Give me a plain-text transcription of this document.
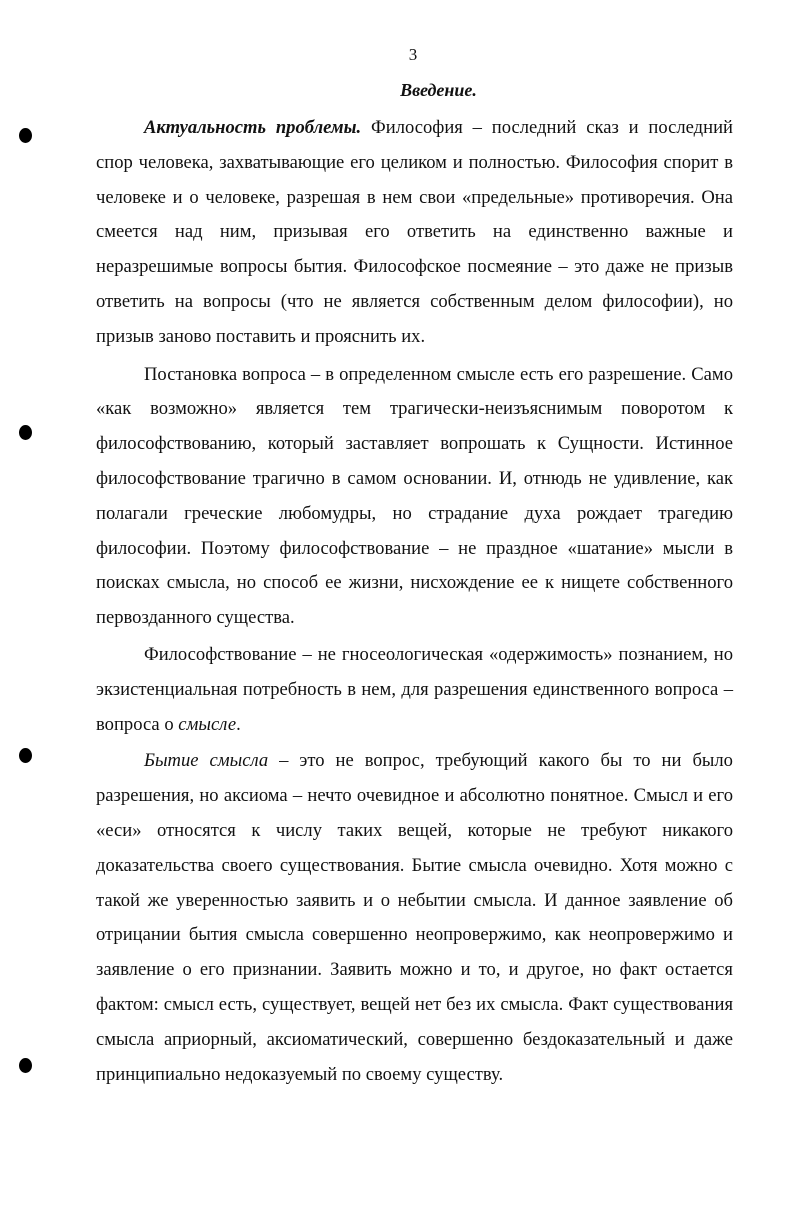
3
Введение.

Актуальность проблемы. Философия – последний сказ и последний спор человека, захватывающие его целиком и полностью. Философия спорит в человеке и о человеке, разрешая в нем свои «предельные» противоречия. Она смеется над ним, призывая его ответить на единственно важные и неразрешимые вопросы бытия. Философское посмеяние – это даже не призыв ответить на вопросы (что не является собственным делом философии), но призыв заново поставить и прояснить их.

Постановка вопроса – в определенном смысле есть его разрешение. Само «как возможно» является тем трагически-неизъяснимым поворотом к философствованию, который заставляет вопрошать к Сущности. Истинное философствование трагично в самом основании. И, отнюдь не удивление, как полагали греческие любомудры, но страдание духа рождает трагедию философии. Поэтому философствование – не праздное «шатание» мысли в поисках смысла, но способ ее жизни, нисхождение ее к нищете собственного первозданного существа.

Философствование – не гносеологическая «одержимость» познанием, но экзистенциальная потребность в нем, для разрешения единственного вопроса – вопроса о смысле.

Бытие смысла – это не вопрос, требующий какого бы то ни было разрешения, но аксиома – нечто очевидное и абсолютно понятное. Смысл и его «еси» относятся к числу таких вещей, которые не требуют никакого доказательства своего существования. Бытие смысла очевидно. Хотя можно с такой же уверенностью заявить и о небытии смысла. И данное заявление об отрицании бытия смысла совершенно неопровержимо, как неопровержимо и заявление о его признании. Заявить можно и то, и другое, но факт остается фактом: смысл есть, существует, вещей нет без их смысла. Факт существования смысла априорный, аксиоматический, совершенно бездоказательный и даже принципиально недоказуемый по своему существу.
